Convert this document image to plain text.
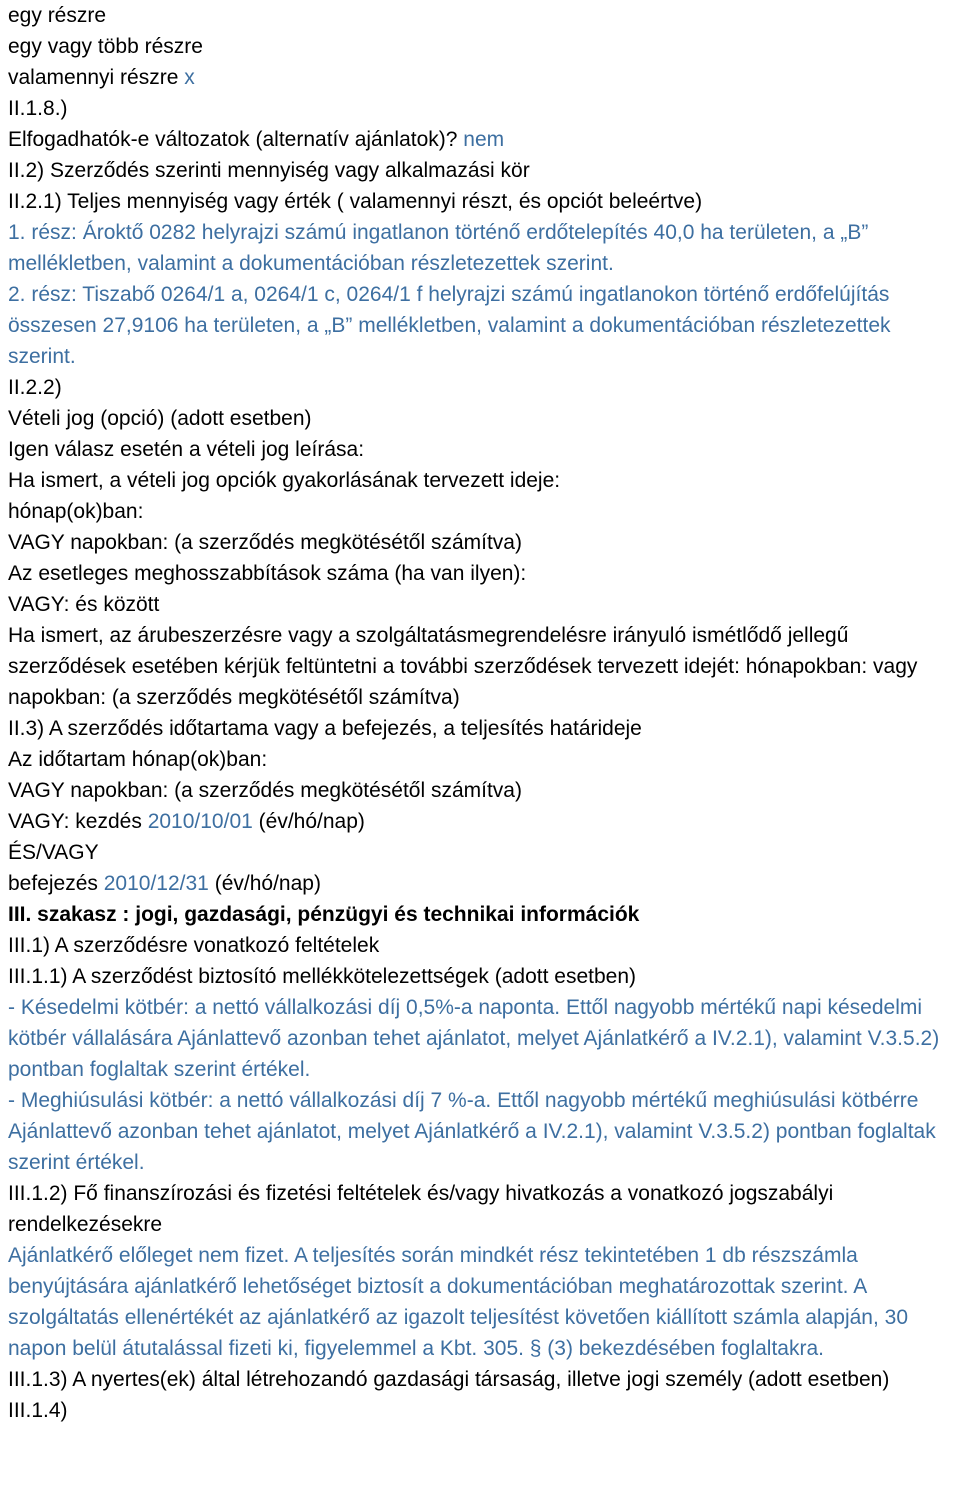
egy részre

egy vagy több részre

valamennyi részre x

II.1.8.)

Elfogadhatók-e változatok (alternatív ajánlatok)? nem

II.2) Szerződés szerinti mennyiség vagy alkalmazási kör

II.2.1) Teljes mennyiség vagy érték ( valamennyi részt, és opciót beleértve)

1. rész: Ároktő 0282 helyrajzi számú ingatlanon történő erdőtelepítés 40,0 ha területen, a „B” mellékletben, valamint a dokumentációban részletezettek szerint.

2. rész: Tiszabő 0264/1 a, 0264/1 c, 0264/1 f helyrajzi számú ingatlanokon történő erdőfelújítás összesen 27,9106 ha területen, a „B” mellékletben, valamint a dokumentációban részletezettek szerint.

II.2.2)

Vételi jog (opció) (adott esetben)

Igen válasz esetén a vételi jog leírása:

Ha ismert, a vételi jog opciók gyakorlásának tervezett ideje:

hónap(ok)ban:

VAGY napokban: (a szerződés megkötésétől számítva)

Az esetleges meghosszabbítások száma (ha van ilyen):

VAGY: és között

Ha ismert, az árubeszerzésre vagy a szolgáltatásmegrendelésre irányuló ismétlődő jellegű szerződések esetében kérjük feltüntetni a további szerződések tervezett idejét: hónapokban: vagy napokban: (a szerződés megkötésétől számítva)

II.3) A szerződés időtartama vagy a befejezés, a teljesítés határideje

Az időtartam hónap(ok)ban:

VAGY napokban: (a szerződés megkötésétől számítva)

VAGY: kezdés 2010/10/01 (év/hó/nap)

ÉS/VAGY

befejezés 2010/12/31 (év/hó/nap)

III. szakasz : jogi, gazdasági, pénzügyi és technikai információk

III.1) A szerződésre vonatkozó feltételek

III.1.1) A szerződést biztosító mellékkötelezettségek (adott esetben)

- Késedelmi kötbér: a nettó vállalkozási díj 0,5%-a naponta. Ettől nagyobb mértékű napi késedelmi kötbér vállalására Ajánlattevő azonban tehet ajánlatot, melyet Ajánlatkérő a IV.2.1), valamint V.3.5.2) pontban foglaltak szerint értékel.

- Meghiúsulási kötbér: a nettó vállalkozási díj 7 %-a. Ettől nagyobb mértékű meghiúsulási kötbérre Ajánlattevő azonban tehet ajánlatot, melyet Ajánlatkérő a IV.2.1), valamint V.3.5.2) pontban foglaltak szerint értékel.

III.1.2) Fő finanszírozási és fizetési feltételek és/vagy hivatkozás a vonatkozó jogszabályi rendelkezésekre

Ajánlatkérő előleget nem fizet. A teljesítés során mindkét rész tekintetében 1 db részszámla benyújtására ajánlatkérő lehetőséget biztosít a dokumentációban meghatározottak szerint. A szolgáltatás ellenértékét az ajánlatkérő az igazolt teljesítést követően kiállított számla alapján, 30 napon belül átutalással fizeti ki, figyelemmel a Kbt. 305. § (3) bekezdésében foglaltakra.

III.1.3) A nyertes(ek) által létrehozandó gazdasági társaság, illetve jogi személy (adott esetben)

III.1.4)
